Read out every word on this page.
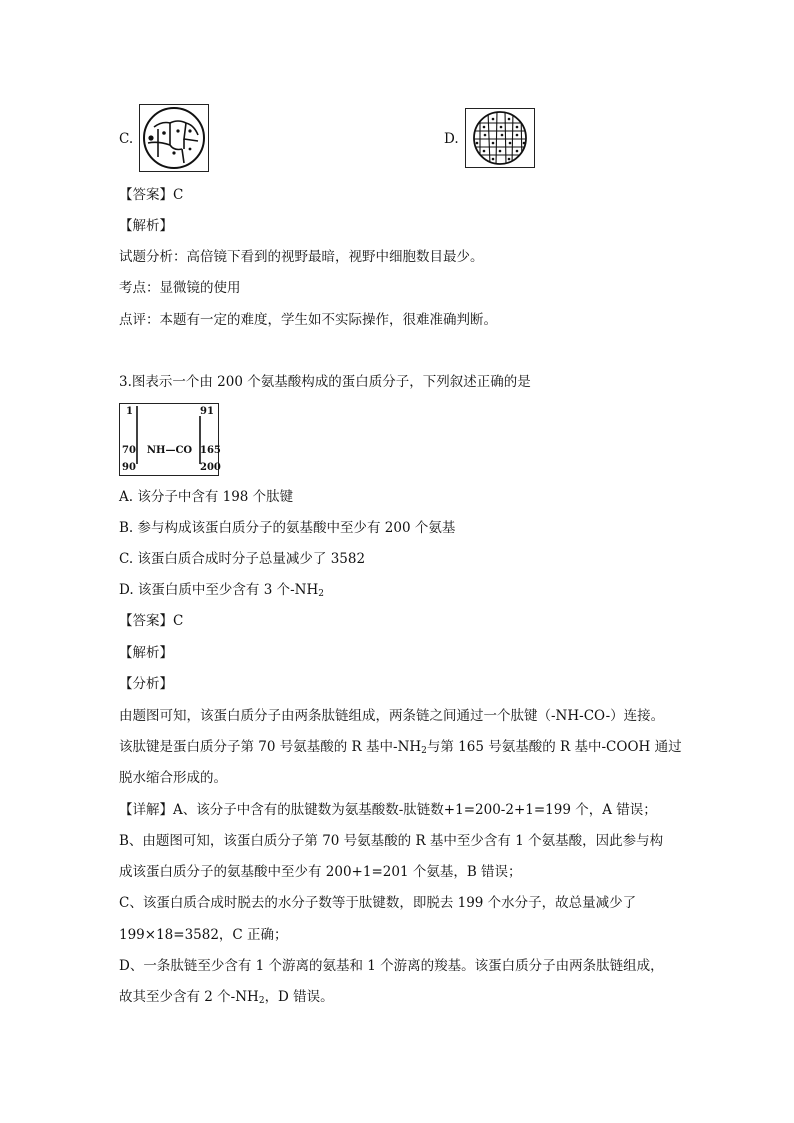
C.	D.
【答案】C
【解析】
试题分析：高倍镜下看到的视野最暗，视野中细胞数目最少。
考点：显微镜的使用
点评：本题有一定的难度，学生如不实际操作，很难准确判断。
3.图表示一个由 200 个氨基酸构成的蛋白质分子，下列叙述正确的是
1	91
70	NH—CO 165
90	200
A. 该分子中含有 198 个肽键
B. 参与构成该蛋白质分子的氨基酸中至少有 200 个氨基
C. 该蛋白质合成时分子总量减少了 3582
D. 该蛋白质中至少含有 3 个$-NH_2$
【答案】C
【解析】
【分析】
由题图可知，该蛋白质分子由两条肽链组成，两条链之间通过一个肽键（-NH-CO-）连接。
该肽键是蛋白质分子第 70 号氨基酸的 R 基中$-NH_2$与第 165 号氨基酸的 R 基中-COOH 通过
脱水缩合形成的。
【详解】A、该分子中含有的肽键数为氨基酸数-肽链数+1=200-2+1=199 个，A 错误；
B、由题图可知，该蛋白质分子第 70 号氨基酸的 R 基中至少含有 1 个氨基酸，因此参与构
成该蛋白质分子的氨基酸中至少有 200+1=201 个氨基，B 错误；
C、该蛋白质合成时脱去的水分子数等于肽键数，即脱去 199 个水分子，故总量减少了
199×18=3582，C 正确；
D、一条肽链至少含有 1 个游离的氨基和 1 个游离的羧基。该蛋白质分子由两条肽链组成，
故其至少含有 2 个$-NH_2$，D 错误。
